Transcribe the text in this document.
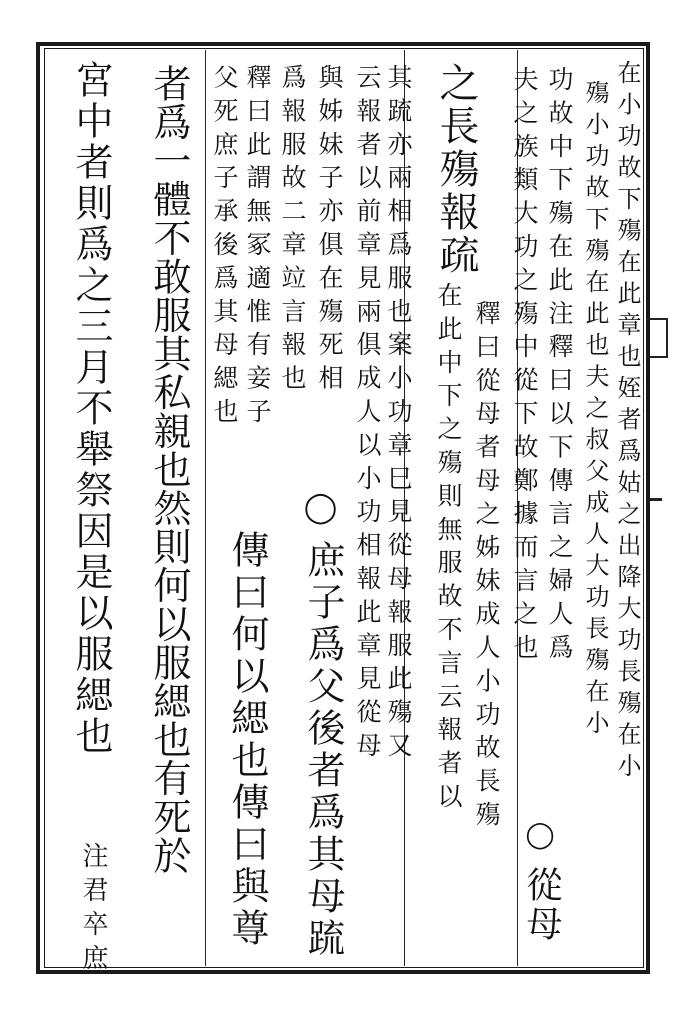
在小功故下殤在此章也姪者爲姑之出降大功長殤在小
殤小功故下殤在此也夫之叔父成人大功長殤在小
功故中下殤在此注釋曰以下傳言之婦人爲
夫之族類大功之殤中從下故鄭據而言之也
◯
從母
之長殤報疏
釋曰從母者母之姊妹成人小功故長殤
在此中下之殤則無服故不言云報者以
其䟽亦兩相爲服也案小功章巳見從母報服此殤又
云報者以前章見兩俱成人以小功相報此章見從母
與姊妹子亦俱在殤死相
◯
庶子爲父後者爲其母䟽
爲報服故二章竝言報也
釋曰此謂無冢適惟有妾子
傳曰何以緦也傳曰與尊
父死庶子承後爲其母緦也
者爲一體不敢服其私親也然則何以服緦也有死於
宮中者則爲之三月不舉祭因是以服緦也
注君卒庶
